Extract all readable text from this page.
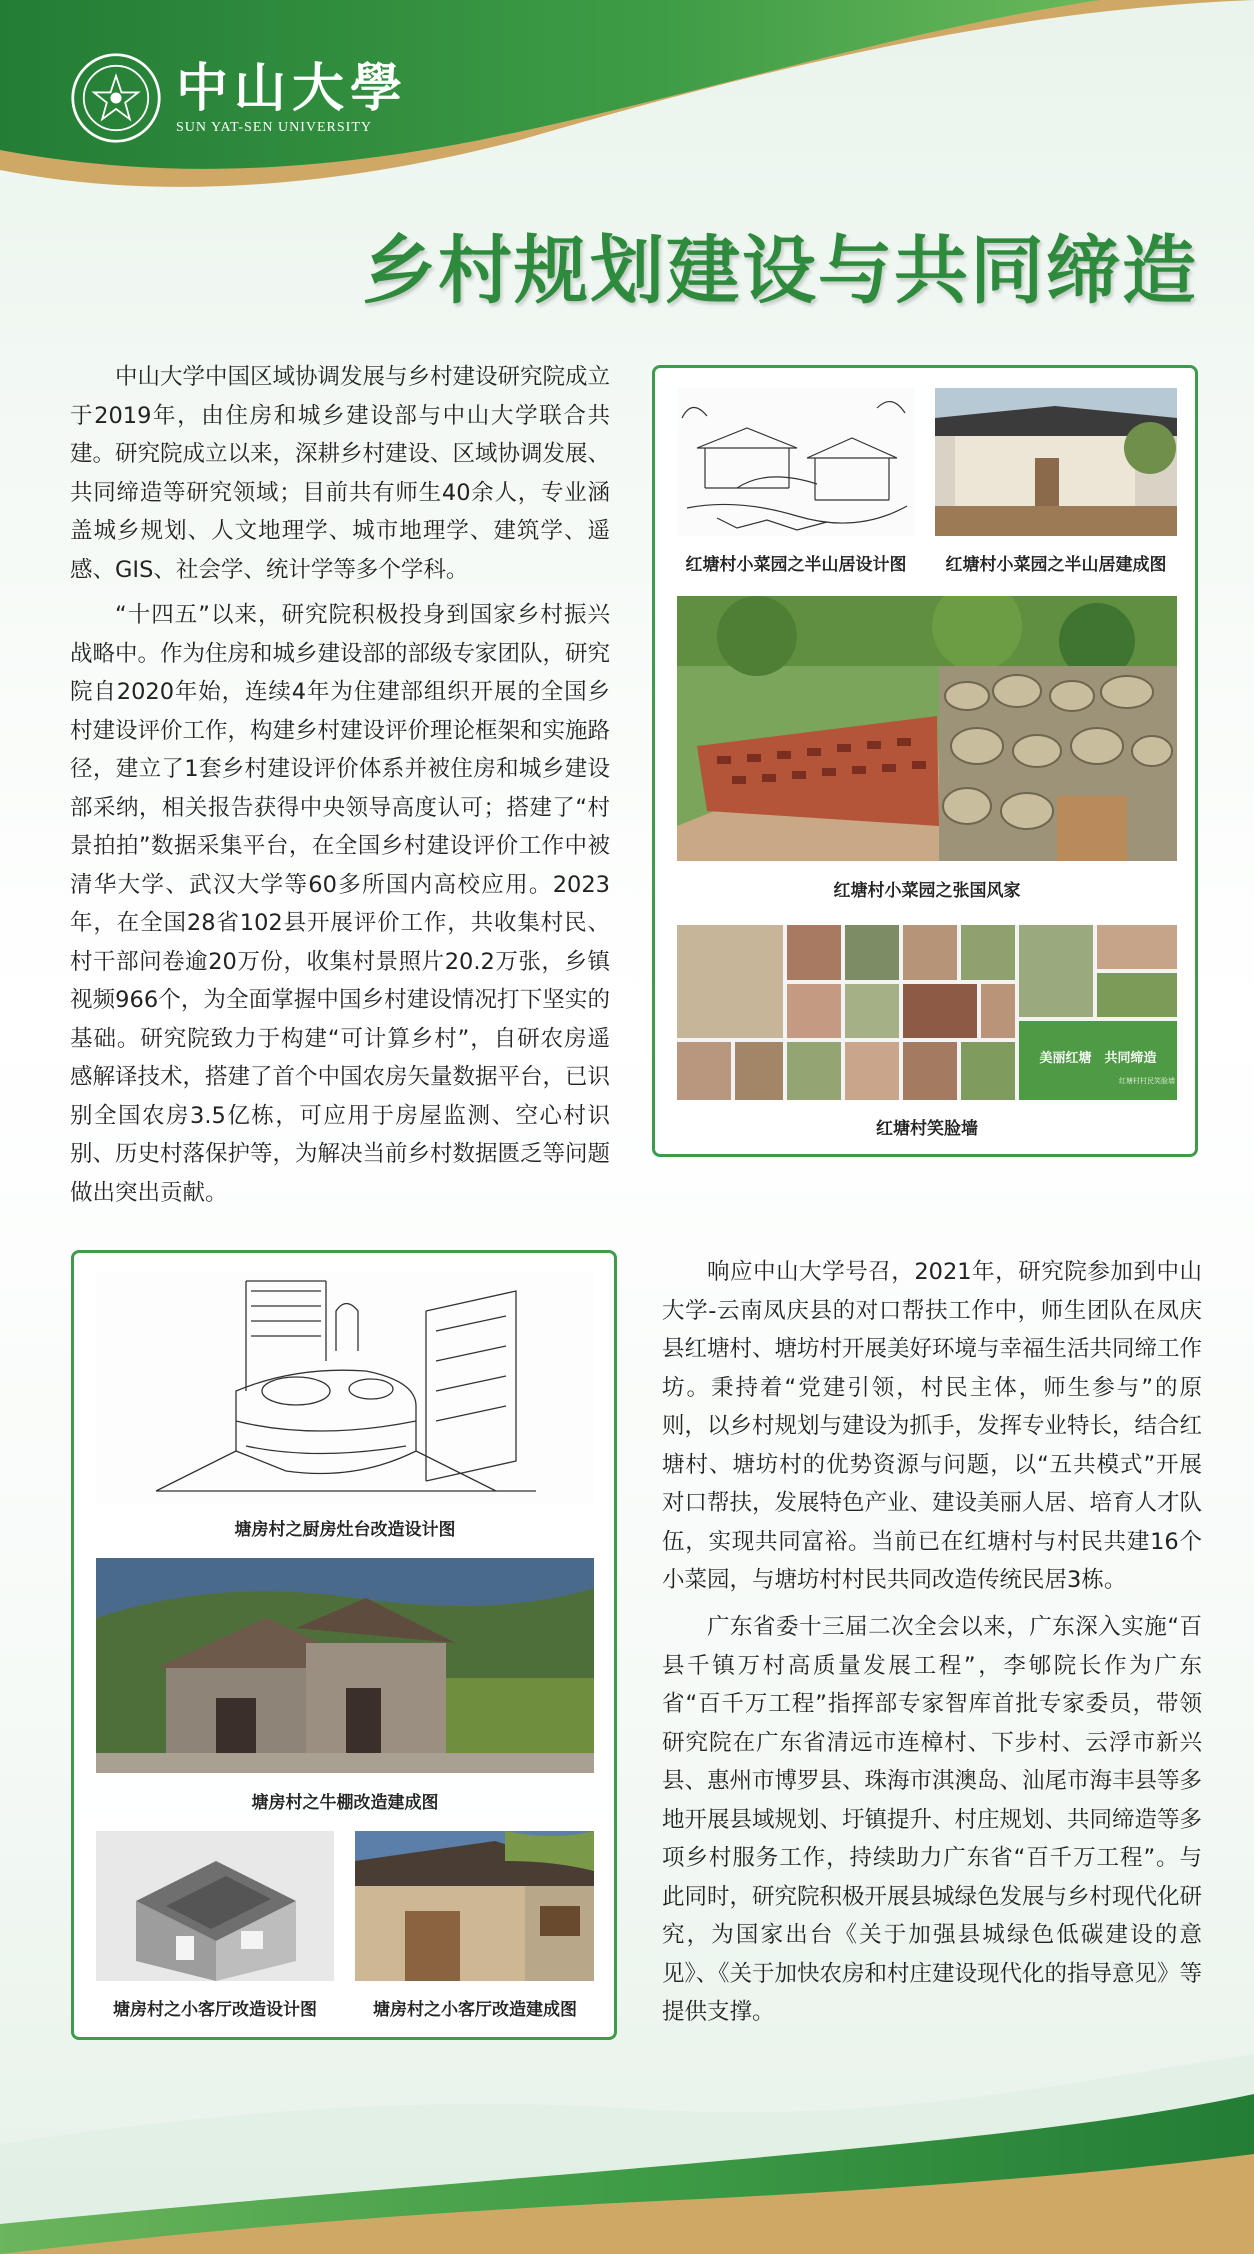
中山大學
SUN YAT-SEN UNIVERSITY
乡村规划建设与共同缔造
中山大学中国区域协调发展与乡村建设研究院成立于2019年，由住房和城乡建设部与中山大学联合共建。研究院成立以来，深耕乡村建设、区域协调发展、共同缔造等研究领域；目前共有师生40余人，专业涵盖城乡规划、人文地理学、城市地理学、建筑学、遥感、GIS、社会学、统计学等多个学科。
“十四五”以来，研究院积极投身到国家乡村振兴战略中。作为住房和城乡建设部的部级专家团队，研究院自2020年始，连续4年为住建部组织开展的全国乡村建设评价工作，构建乡村建设评价理论框架和实施路径，建立了1套乡村建设评价体系并被住房和城乡建设部采纳，相关报告获得中央领导高度认可；搭建了“村景拍拍”数据采集平台，在全国乡村建设评价工作中被清华大学、武汉大学等60多所国内高校应用。2023年，在全国28省102县开展评价工作，共收集村民、村干部问卷逾20万份，收集村景照片20.2万张，乡镇视频966个，为全面掌握中国乡村建设情况打下坚实的基础。研究院致力于构建“可计算乡村”，自研农房遥感解译技术，搭建了首个中国农房矢量数据平台，已识别全国农房3.5亿栋，可应用于房屋监测、空心村识别、历史村落保护等，为解决当前乡村数据匮乏等问题做出突出贡献。
响应中山大学号召，2021年，研究院参加到中山大学-云南凤庆县的对口帮扶工作中，师生团队在凤庆县红塘村、塘坊村开展美好环境与幸福生活共同缔工作坊。秉持着“党建引领，村民主体，师生参与”的原则，以乡村规划与建设为抓手，发挥专业特长，结合红塘村、塘坊村的优势资源与问题，以“五共模式”开展对口帮扶，发展特色产业、建设美丽人居、培育人才队伍，实现共同富裕。当前已在红塘村与村民共建16个小菜园，与塘坊村村民共同改造传统民居3栋。
广东省委十三届二次全会以来，广东深入实施“百县千镇万村高质量发展工程”，李郇院长作为广东省“百千万工程”指挥部专家智库首批专家委员，带领研究院在广东省清远市连樟村、下步村、云浮市新兴县、惠州市博罗县、珠海市淇澳岛、汕尾市海丰县等多地开展县域规划、圩镇提升、村庄规划、共同缔造等多项乡村服务工作，持续助力广东省“百千万工程”。与此同时，研究院积极开展县城绿色发展与乡村现代化研究，为国家出台《关于加强县城绿色低碳建设的意见》、《关于加快农房和村庄建设现代化的指导意见》等提供支撑。
红塘村小菜园之半山居设计图	红塘村小菜园之半山居建成图
红塘村小菜园之张国风家
美丽红塘　共同缔造
红塘村村民笑脸墙
红塘村笑脸墙
塘房村之厨房灶台改造设计图
塘房村之牛棚改造建成图
塘房村之小客厅改造设计图	塘房村之小客厅改造建成图
